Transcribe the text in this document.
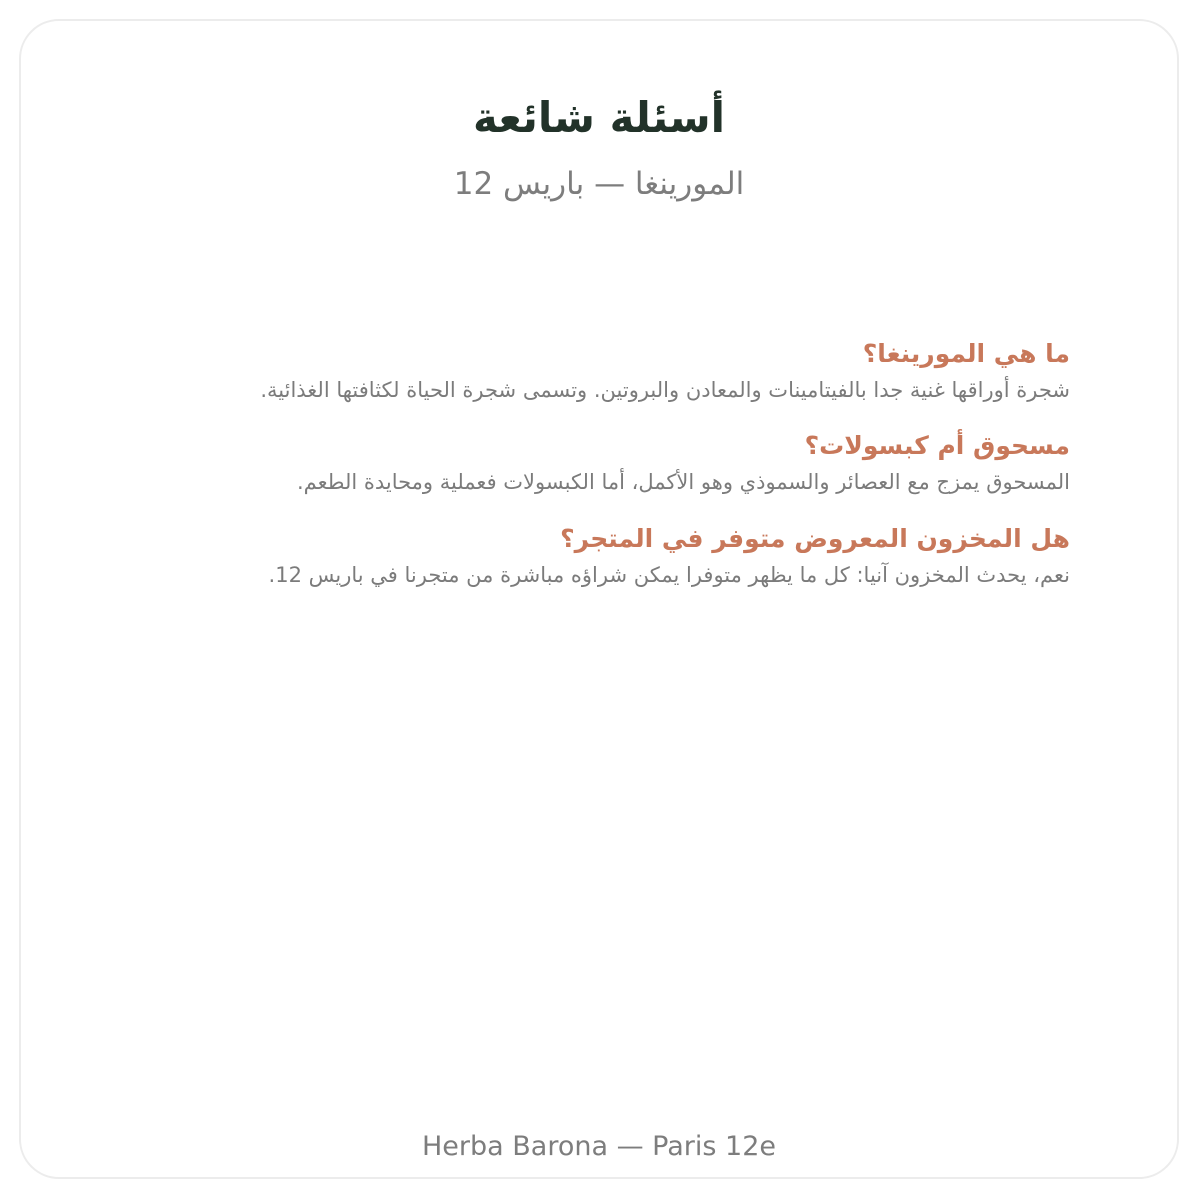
أسئلة شائعة
المورينغا — باريس 12
ما هي المورينغا؟
شجرة أوراقها غنية جدا بالفيتامينات والمعادن والبروتين. وتسمى شجرة الحياة لكثافتها الغذائية.
مسحوق أم كبسولات؟
المسحوق يمزج مع العصائر والسموذي وهو الأكمل، أما الكبسولات فعملية ومحايدة الطعم.
هل المخزون المعروض متوفر في المتجر؟
نعم، يحدث المخزون آنيا: كل ما يظهر متوفرا يمكن شراؤه مباشرة من متجرنا في باريس 12.
Herba Barona — Paris 12e
